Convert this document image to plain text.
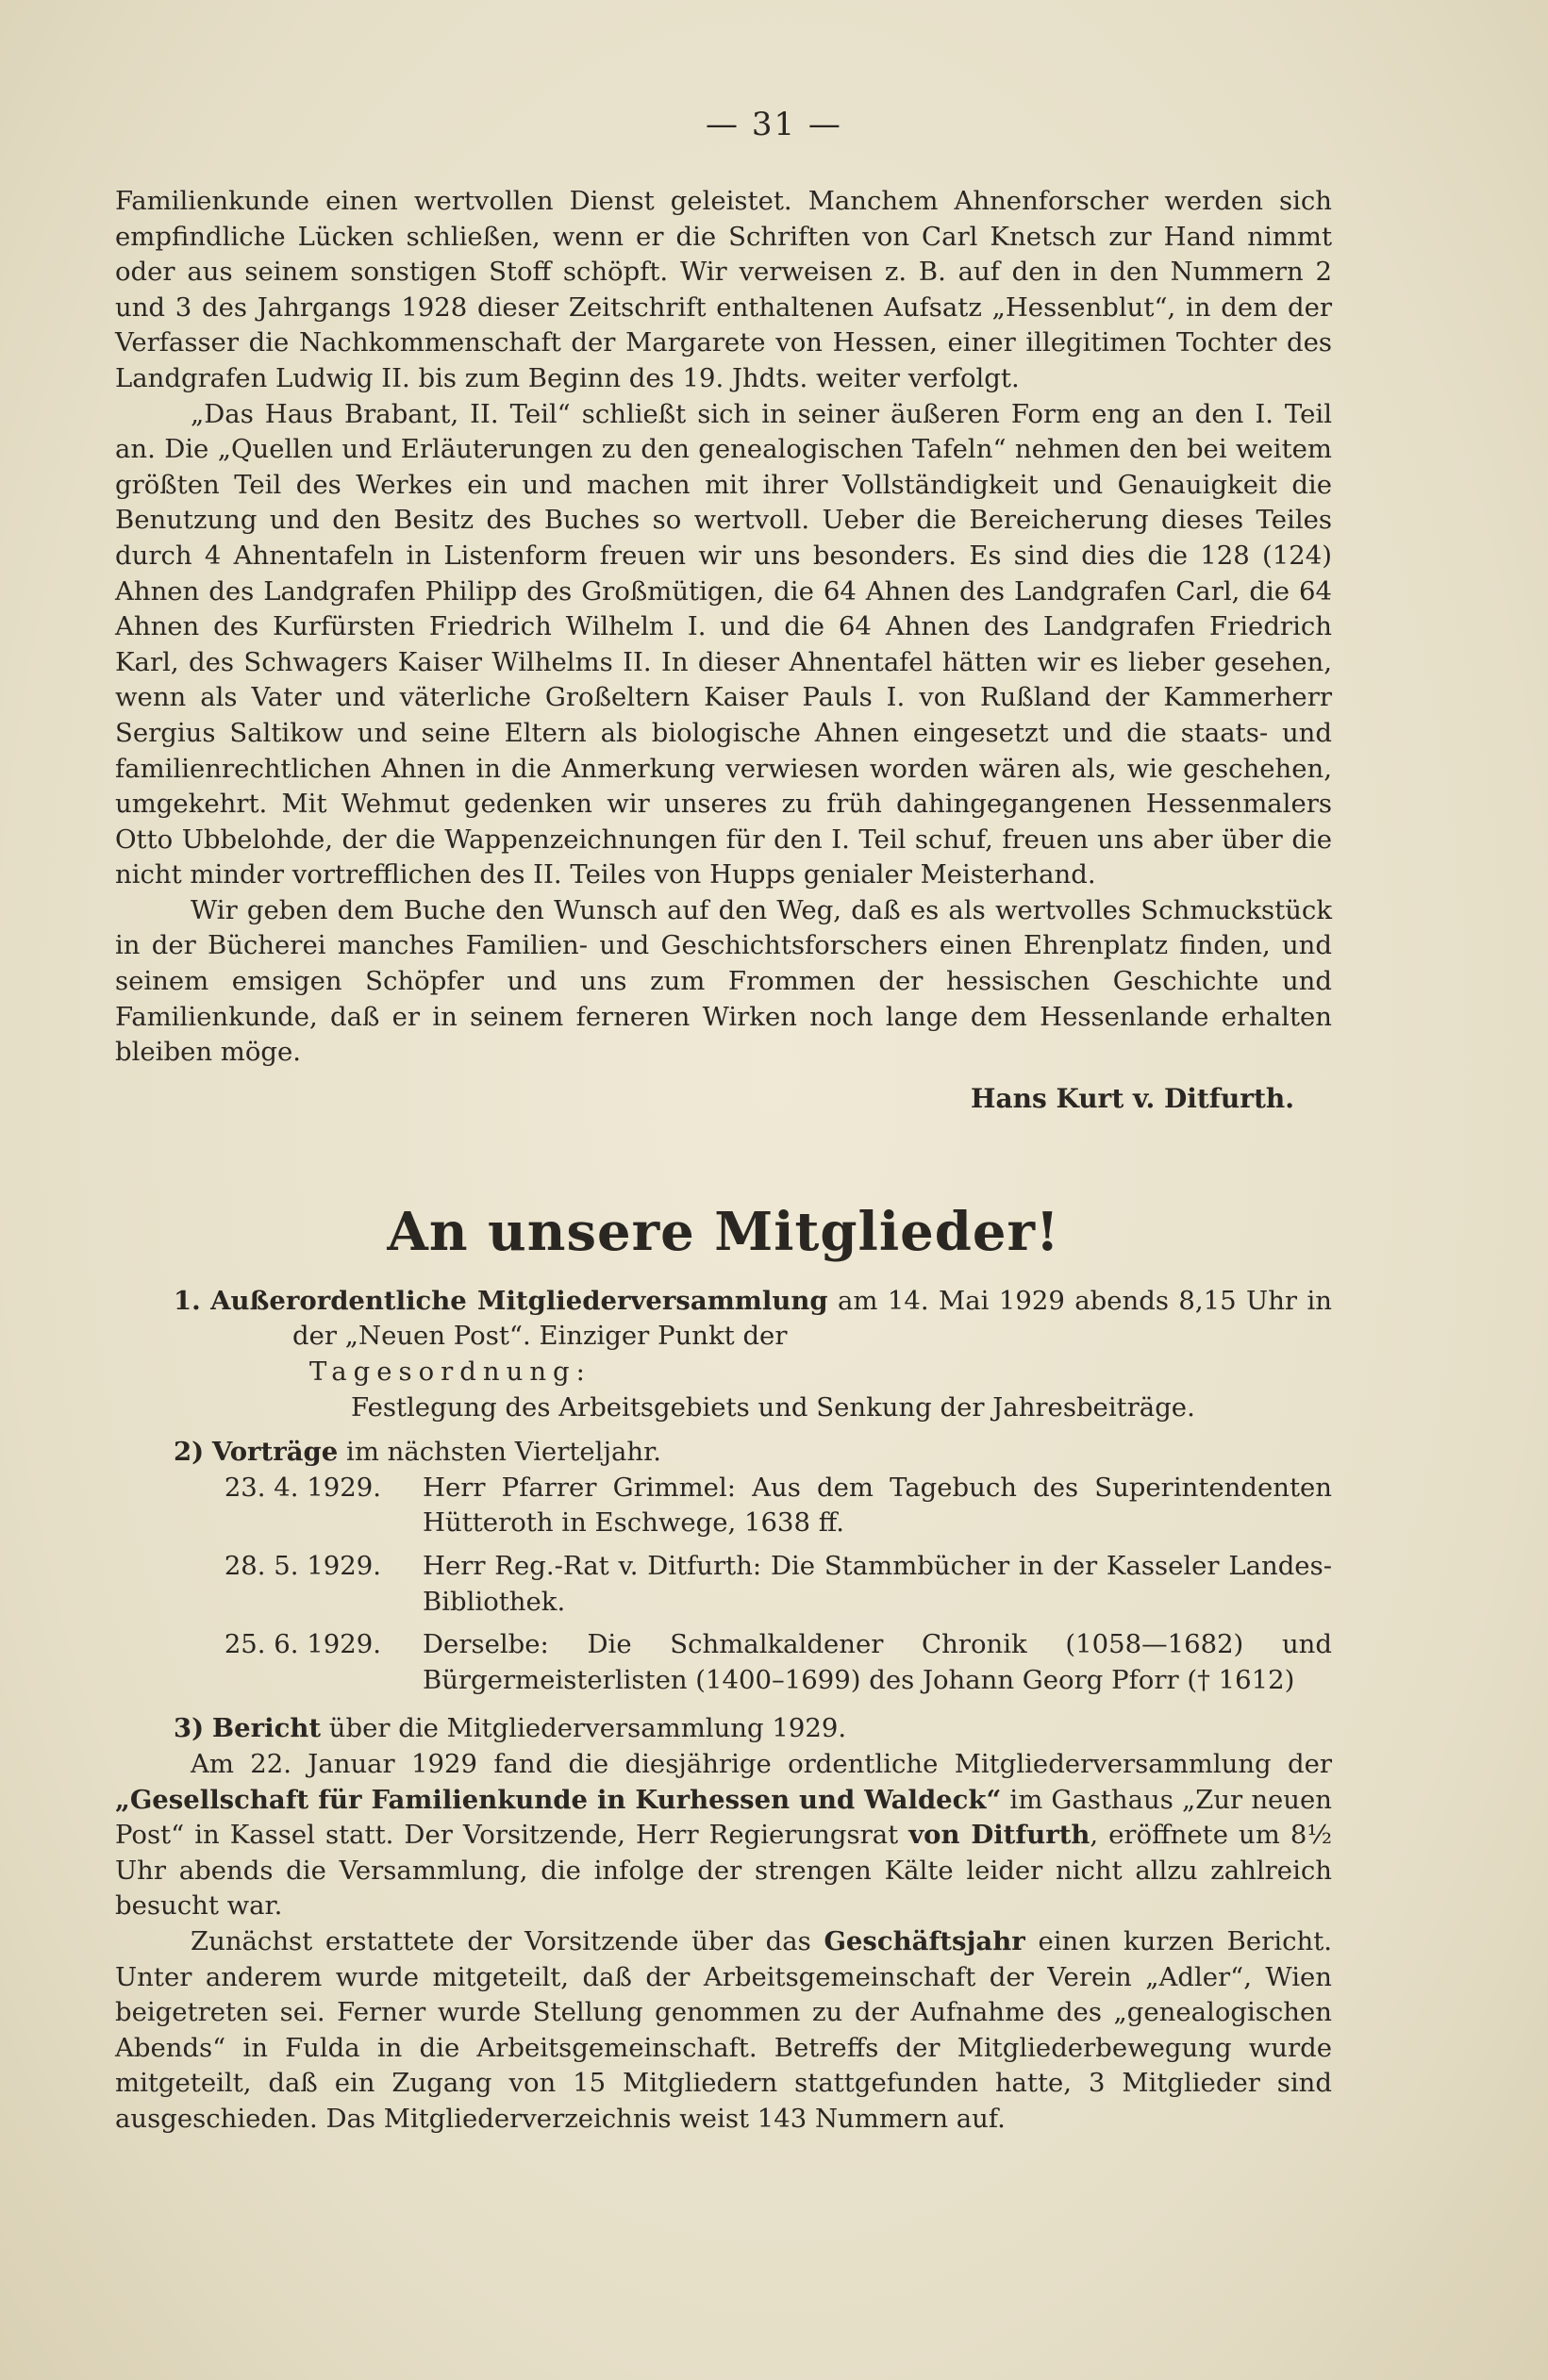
— 31 —

Familienkunde einen wertvollen Dienst geleistet. Manchem Ahnenforscher werden sich empfindliche Lücken schließen, wenn er die Schriften von Carl Knetsch zur Hand nimmt oder aus seinem sonstigen Stoff schöpft. Wir verweisen z. B. auf den in den Nummern 2 und 3 des Jahrgangs 1928 dieser Zeitschrift enthaltenen Aufsatz „Hessenblut“, in dem der Verfasser die Nachkommenschaft der Margarete von Hessen, einer illegitimen Tochter des Landgrafen Ludwig II. bis zum Beginn des 19. Jhdts. weiter verfolgt.

„Das Haus Brabant, II. Teil“ schließt sich in seiner äußeren Form eng an den I. Teil an. Die „Quellen und Erläuterungen zu den genealogischen Tafeln“ nehmen den bei weitem größten Teil des Werkes ein und machen mit ihrer Vollständigkeit und Genauigkeit die Benutzung und den Besitz des Buches so wertvoll. Ueber die Bereicherung dieses Teiles durch 4 Ahnentafeln in Listenform freuen wir uns besonders. Es sind dies die 128 (124) Ahnen des Landgrafen Philipp des Großmütigen, die 64 Ahnen des Landgrafen Carl, die 64 Ahnen des Kurfürsten Friedrich Wilhelm I. und die 64 Ahnen des Landgrafen Friedrich Karl, des Schwagers Kaiser Wilhelms II. In dieser Ahnentafel hätten wir es lieber gesehen, wenn als Vater und väterliche Großeltern Kaiser Pauls I. von Rußland der Kammerherr Sergius Saltikow und seine Eltern als biologische Ahnen eingesetzt und die staats- und familienrechtlichen Ahnen in die Anmerkung verwiesen worden wären als, wie geschehen, umgekehrt. Mit Wehmut gedenken wir unseres zu früh dahingegangenen Hessenmalers Otto Ubbelohde, der die Wappenzeichnungen für den I. Teil schuf, freuen uns aber über die nicht minder vortrefflichen des II. Teiles von Hupps genialer Meisterhand.

Wir geben dem Buche den Wunsch auf den Weg, daß es als wertvolles Schmuckstück in der Bücherei manches Familien- und Geschichtsforschers einen Ehrenplatz finden, und seinem emsigen Schöpfer und uns zum Frommen der hessischen Geschichte und Familienkunde, daß er in seinem ferneren Wirken noch lange dem Hessenlande erhalten bleiben möge.

Hans Kurt v. Ditfurth.
An unsere Mitglieder!

1. Außerordentliche Mitgliederversammlung am 14. Mai 1929 abends 8,15 Uhr in der „Neuen Post“. Einziger Punkt der

Tagesordnung:
Festlegung des Arbeitsgebiets und Senkung der Jahresbeiträge.

2) Vorträge im nächsten Vierteljahr.

23. 4. 1929.	Herr Pfarrer Grimmel: Aus dem Tagebuch des Superintendenten Hütteroth in Eschwege, 1638 ff.
28. 5. 1929.	Herr Reg.-Rat v. Ditfurth: Die Stammbücher in der Kasseler Landes-Bibliothek.
25. 6. 1929.	Derselbe: Die Schmalkaldener Chronik (1058—1682) und Bürgermeisterlisten (1400–1699) des Johann Georg Pforr († 1612)

3) Bericht über die Mitgliederversammlung 1929.

Am 22. Januar 1929 fand die diesjährige ordentliche Mitgliederversammlung der „Gesellschaft für Familienkunde in Kurhessen und Waldeck“ im Gasthaus „Zur neuen Post“ in Kassel statt. Der Vorsitzende, Herr Regierungsrat von Ditfurth, eröffnete um 8½ Uhr abends die Versammlung, die infolge der strengen Kälte leider nicht allzu zahlreich besucht war.

Zunächst erstattete der Vorsitzende über das Geschäftsjahr einen kurzen Bericht. Unter anderem wurde mitgeteilt, daß der Arbeitsgemeinschaft der Verein „Adler“, Wien beigetreten sei. Ferner wurde Stellung genommen zu der Aufnahme des „genealogischen Abends“ in Fulda in die Arbeitsgemeinschaft. Betreffs der Mitgliederbewegung wurde mitgeteilt, daß ein Zugang von 15 Mitgliedern stattgefunden hatte, 3 Mitglieder sind ausgeschieden. Das Mitgliederverzeichnis weist 143 Nummern auf.
